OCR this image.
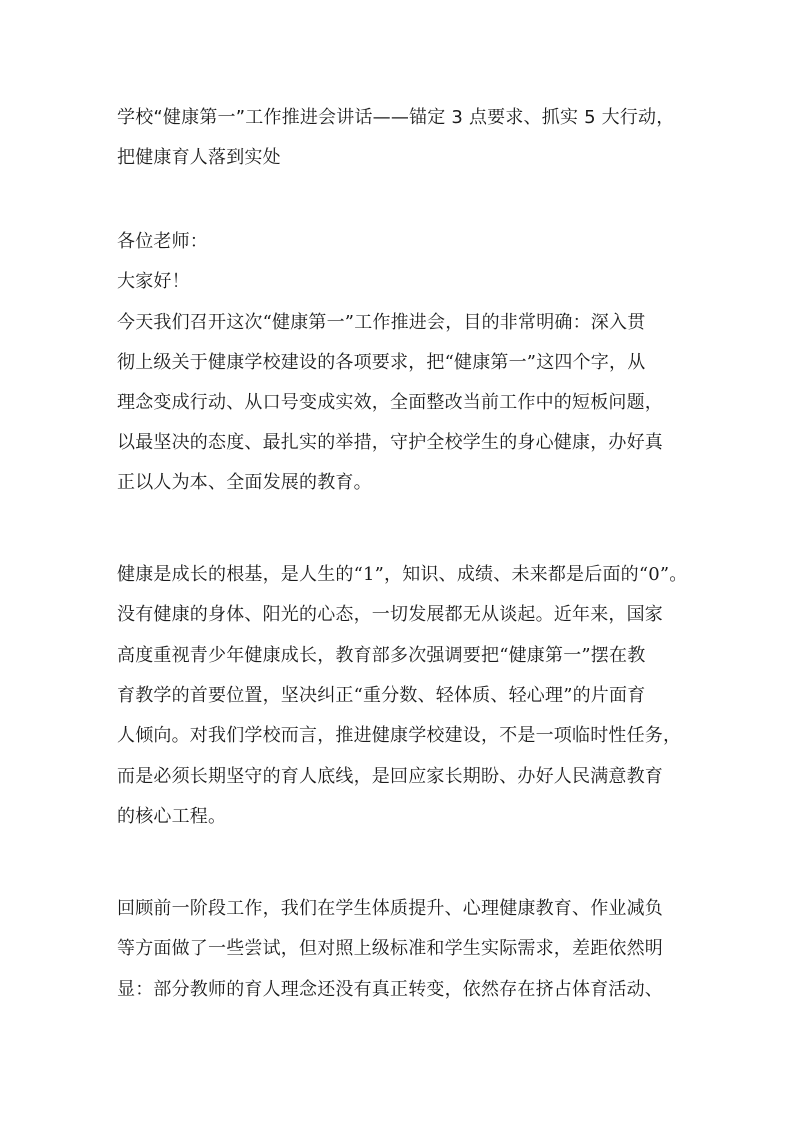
学校“健康第一”工作推进会讲话——锚定 3 点要求、抓实 5 大行动，
把健康育人落到实处
各位老师：
大家好！
今天我们召开这次“健康第一”工作推进会，目的非常明确：深入贯
彻上级关于健康学校建设的各项要求，把“健康第一”这四个字，从
理念变成行动、从口号变成实效，全面整改当前工作中的短板问题，
以最坚决的态度、最扎实的举措，守护全校学生的身心健康，办好真
正以人为本、全面发展的教育。
健康是成长的根基，是人生的“1”，知识、成绩、未来都是后面的“0”。
没有健康的身体、阳光的心态，一切发展都无从谈起。近年来，国家
高度重视青少年健康成长，教育部多次强调要把“健康第一”摆在教
育教学的首要位置，坚决纠正“重分数、轻体质、轻心理”的片面育
人倾向。对我们学校而言，推进健康学校建设，不是一项临时性任务，
而是必须长期坚守的育人底线，是回应家长期盼、办好人民满意教育
的核心工程。
回顾前一阶段工作，我们在学生体质提升、心理健康教育、作业减负
等方面做了一些尝试，但对照上级标准和学生实际需求，差距依然明
显：部分教师的育人理念还没有真正转变，依然存在挤占体育活动、
